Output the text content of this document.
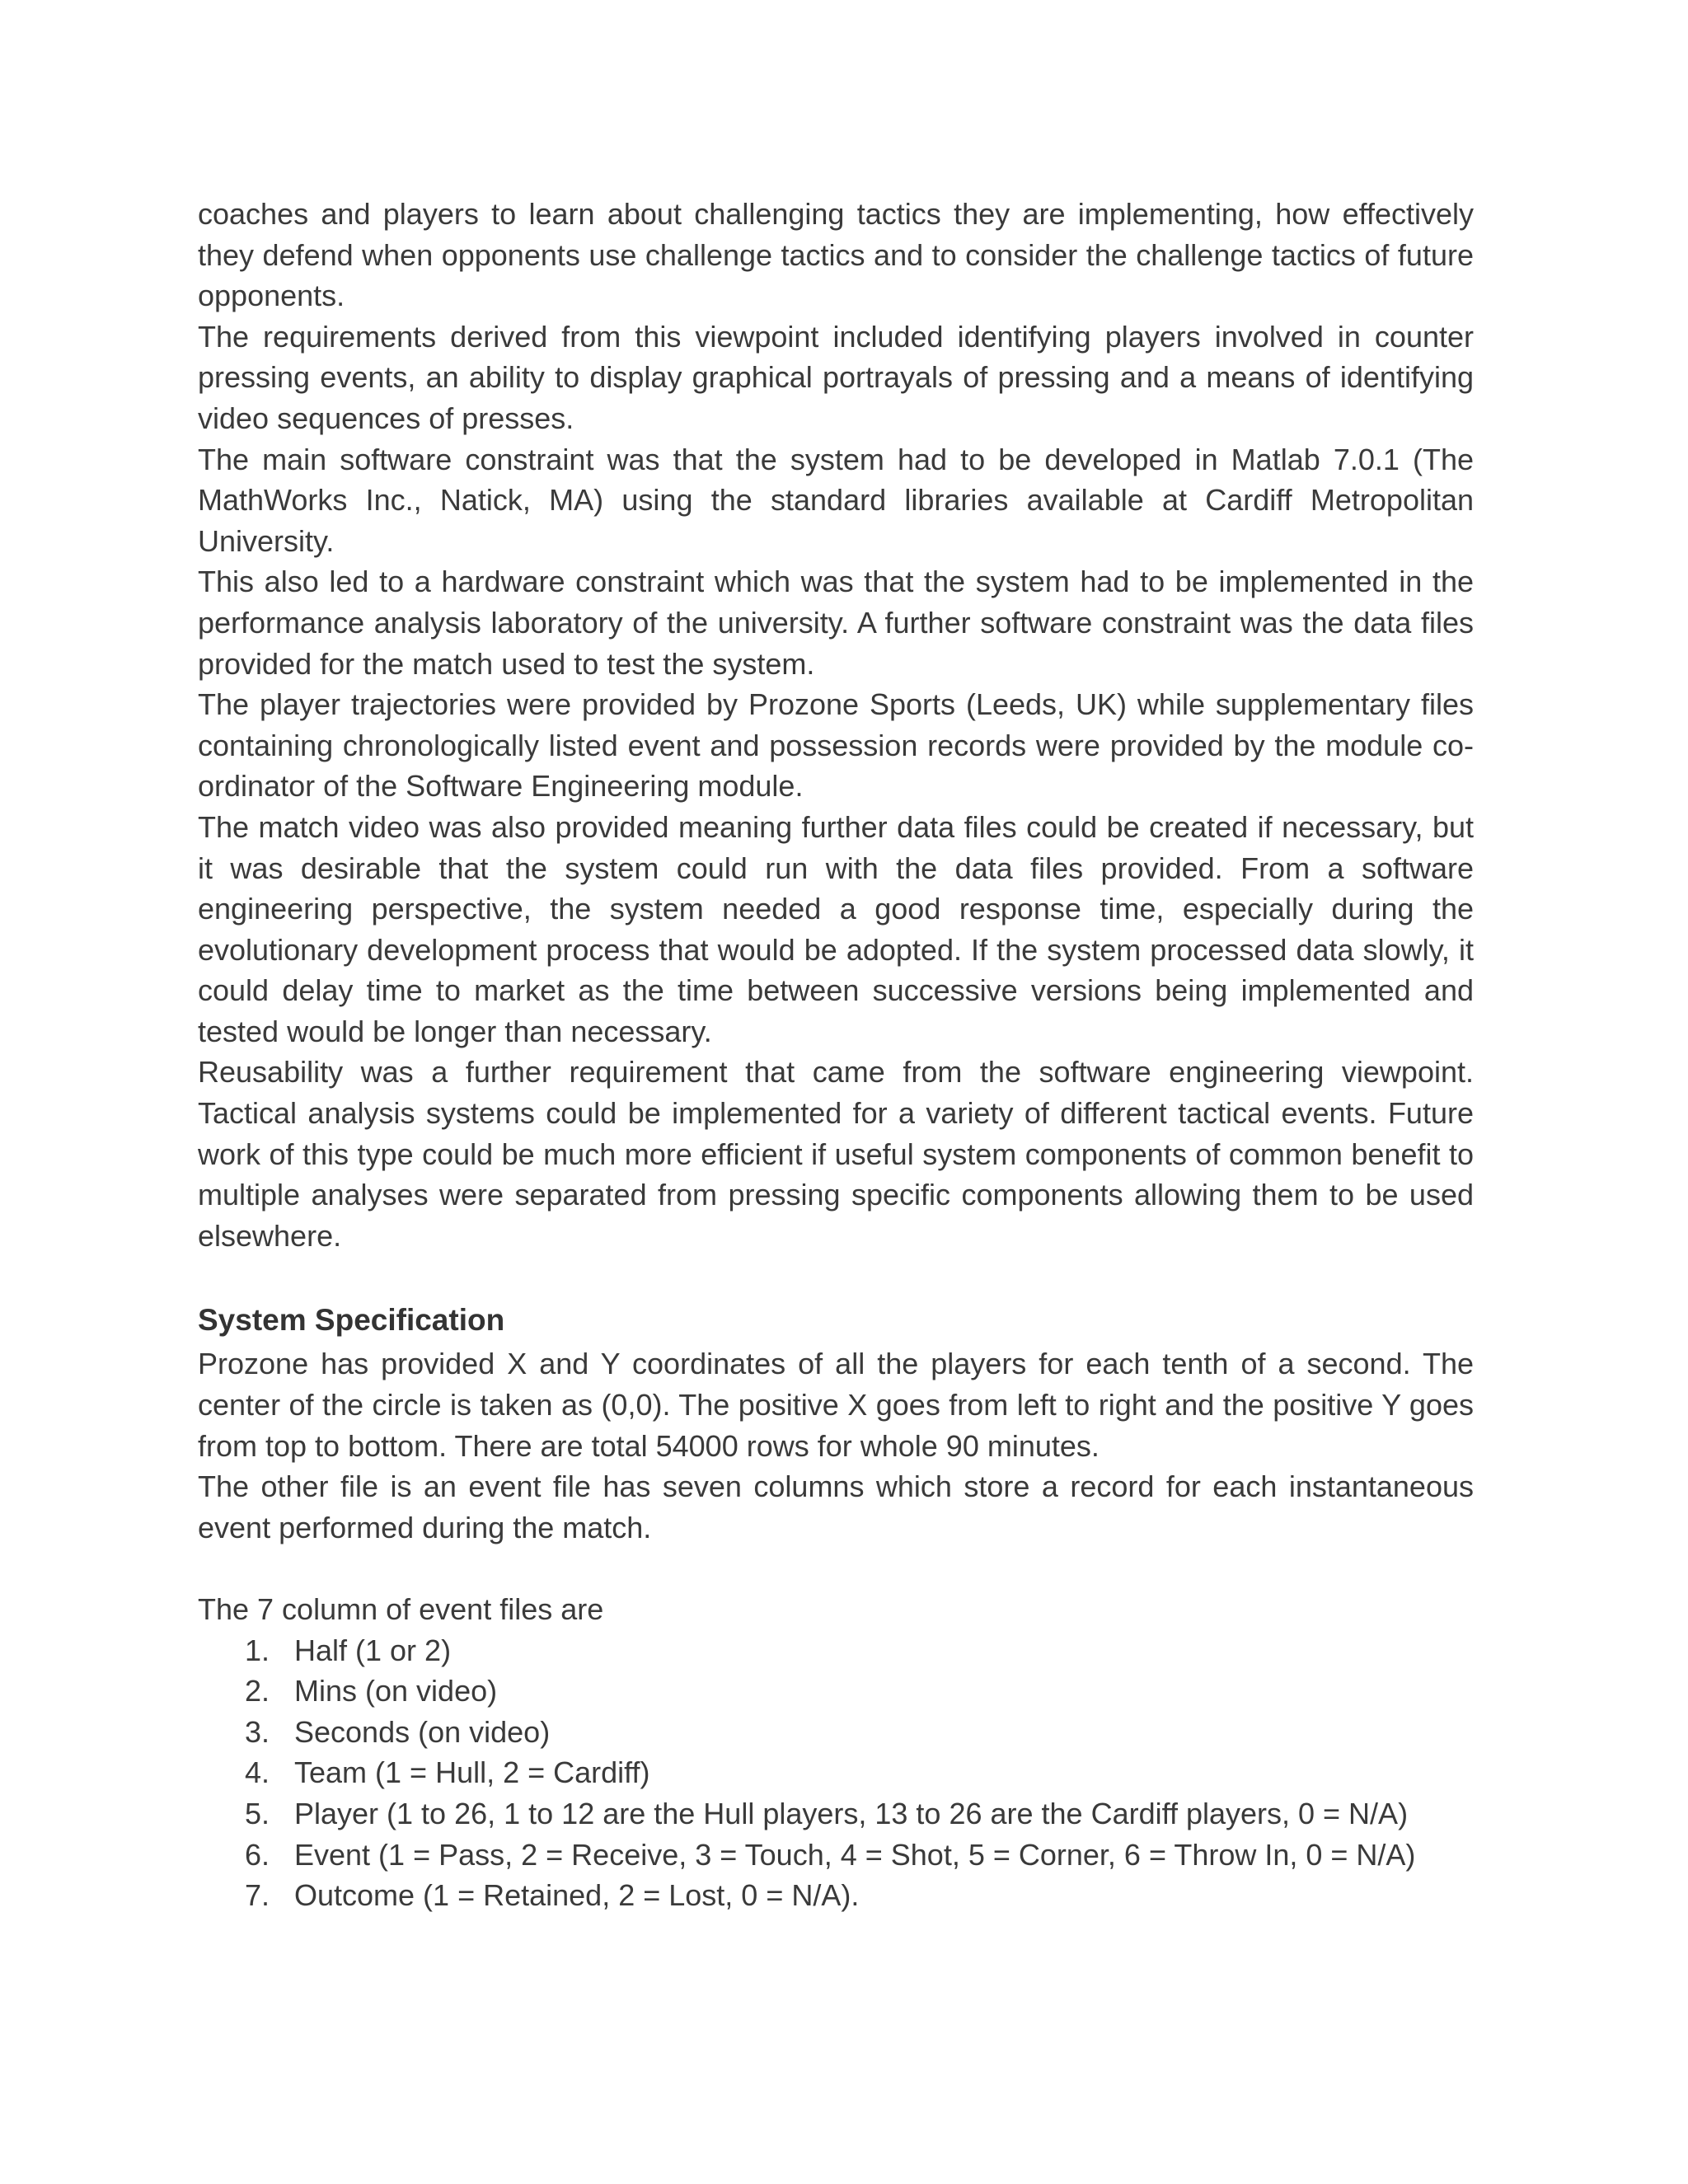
coaches and players to learn about challenging tactics they are implementing, how effectively they defend when opponents use challenge tactics and to consider the challenge tactics of future opponents.

The requirements derived from this viewpoint included identifying players involved in counter pressing events, an ability to display graphical portrayals of pressing and a means of identifying video sequences of presses.

The main software constraint was that the system had to be developed in Matlab 7.0.1 (The MathWorks Inc., Natick, MA) using the standard libraries available at Cardiff Metropolitan University.

This also led to a hardware constraint which was that the system had to be implemented in the performance analysis laboratory of the university. A further software constraint was the data files provided for the match used to test the system.

The player trajectories were provided by Prozone Sports (Leeds, UK) while supplementary files containing chronologically listed event and possession records were provided by the module co-ordinator of the Software Engineering module.

The match video was also provided meaning further data files could be created if necessary, but it was desirable that the system could run with the data files provided. From a software engineering perspective, the system needed a good response time, especially during the evolutionary development process that would be adopted. If the system processed data slowly, it could delay time to market as the time between successive versions being implemented and tested would be longer than necessary.

Reusability was a further requirement that came from the software engineering viewpoint. Tactical analysis systems could be implemented for a variety of different tactical events. Future work of this type could be much more efficient if useful system components of common benefit to multiple analyses were separated from pressing specific components allowing them to be used elsewhere.

System Specification

Prozone has provided X and Y coordinates of all the players for each tenth of a second. The center of the circle is taken as (0,0). The positive X goes from left to right and the positive Y goes from top to bottom. There are total 54000 rows for whole 90 minutes.

The other file is an event file has seven columns which store a record for each instantaneous event performed during the match.

The 7 column of event files are

1. Half (1 or 2)
2. Mins (on video)
3. Seconds (on video)
4. Team (1 = Hull, 2 = Cardiff)
5. Player (1 to 26, 1 to 12 are the Hull players, 13 to 26 are the Cardiff players, 0 = N/A)
6. Event (1 = Pass, 2 = Receive, 3 = Touch, 4 = Shot, 5 = Corner, 6 = Throw In, 0 = N/A)
7. Outcome (1 = Retained, 2 = Lost, 0 = N/A).
